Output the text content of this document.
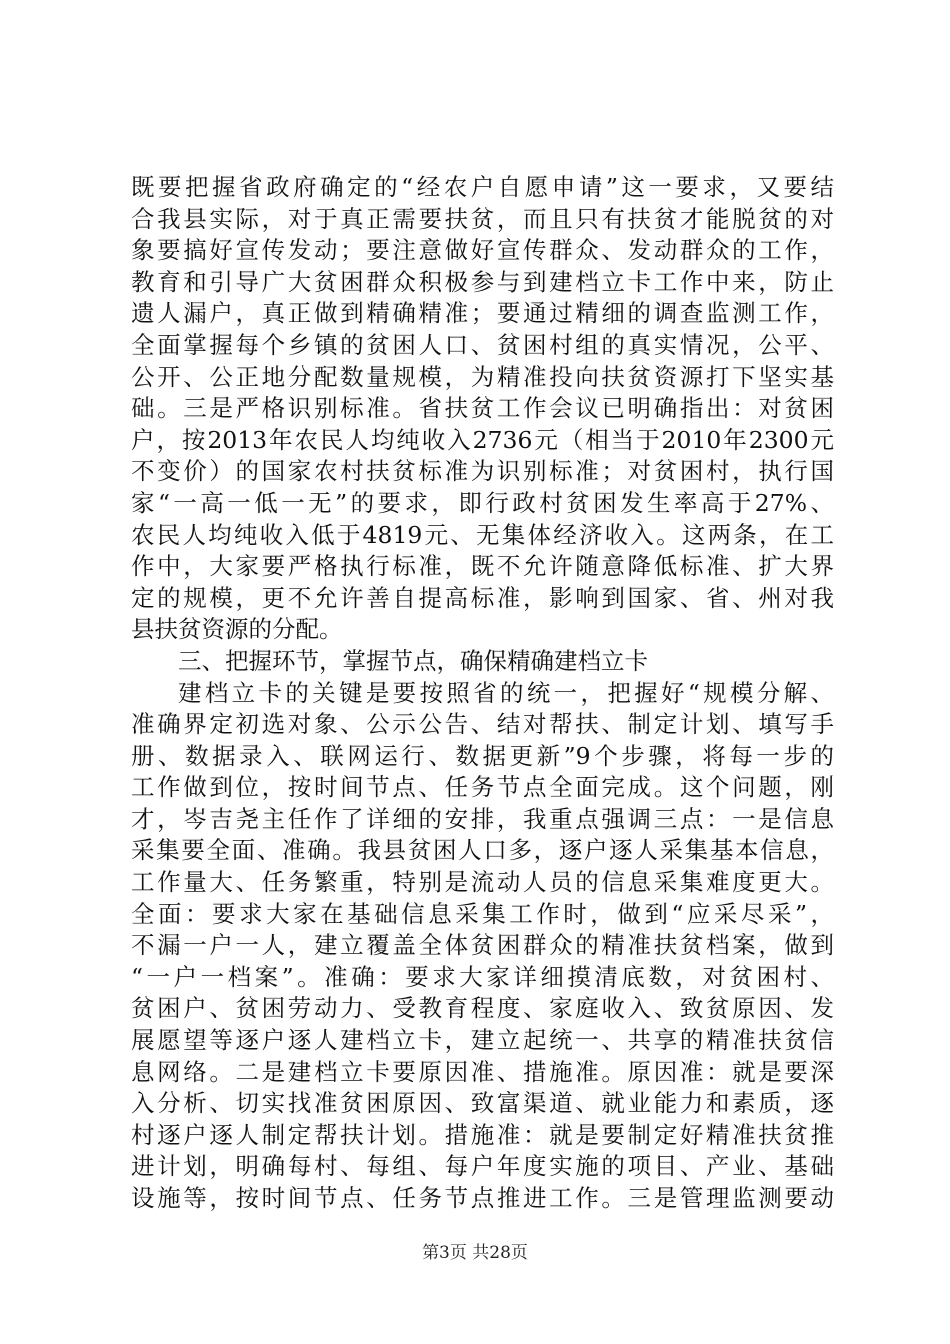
既要把握省政府确定的“经农户自愿申请”这一要求，又要结
合我县实际，对于真正需要扶贫，而且只有扶贫才能脱贫的对
象要搞好宣传发动；要注意做好宣传群众、发动群众的工作，
教育和引导广大贫困群众积极参与到建档立卡工作中来，防止
遗人漏户，真正做到精确精准；要通过精细的调查监测工作，
全面掌握每个乡镇的贫困人口、贫困村组的真实情况，公平、
公开、公正地分配数量规模，为精准投向扶贫资源打下坚实基
础。三是严格识别标准。省扶贫工作会议已明确指出：对贫困
户，按2013年农民人均纯收入2736元（相当于2010年2300元
不变价）的国家农村扶贫标准为识别标准；对贫困村，执行国
家“一高一低一无”的要求，即行政村贫困发生率高于27%、
农民人均纯收入低于4819元、无集体经济收入。这两条，在工
作中，大家要严格执行标准，既不允许随意降低标准、扩大界
定的规模，更不允许善自提高标准，影响到国家、省、州对我
县扶贫资源的分配。
三、把握环节，掌握节点，确保精确建档立卡
建档立卡的关键是要按照省的统一，把握好“规模分解、
准确界定初选对象、公示公告、结对帮扶、制定计划、填写手
册、数据录入、联网运行、数据更新”9个步骤，将每一步的
工作做到位，按时间节点、任务节点全面完成。这个问题，刚
才，岑吉尧主任作了详细的安排，我重点强调三点：一是信息
采集要全面、准确。我县贫困人口多，逐户逐人采集基本信息，
工作量大、任务繁重，特别是流动人员的信息采集难度更大。
全面：要求大家在基础信息采集工作时，做到“应采尽采”，
不漏一户一人，建立覆盖全体贫困群众的精准扶贫档案，做到
“一户一档案”。准确：要求大家详细摸清底数，对贫困村、
贫困户、贫困劳动力、受教育程度、家庭收入、致贫原因、发
展愿望等逐户逐人建档立卡，建立起统一、共享的精准扶贫信
息网络。二是建档立卡要原因准、措施准。原因准：就是要深
入分析、切实找准贫困原因、致富渠道、就业能力和素质，逐
村逐户逐人制定帮扶计划。措施准：就是要制定好精准扶贫推
进计划，明确每村、每组、每户年度实施的项目、产业、基础
设施等，按时间节点、任务节点推进工作。三是管理监测要动
第3页 共28页
